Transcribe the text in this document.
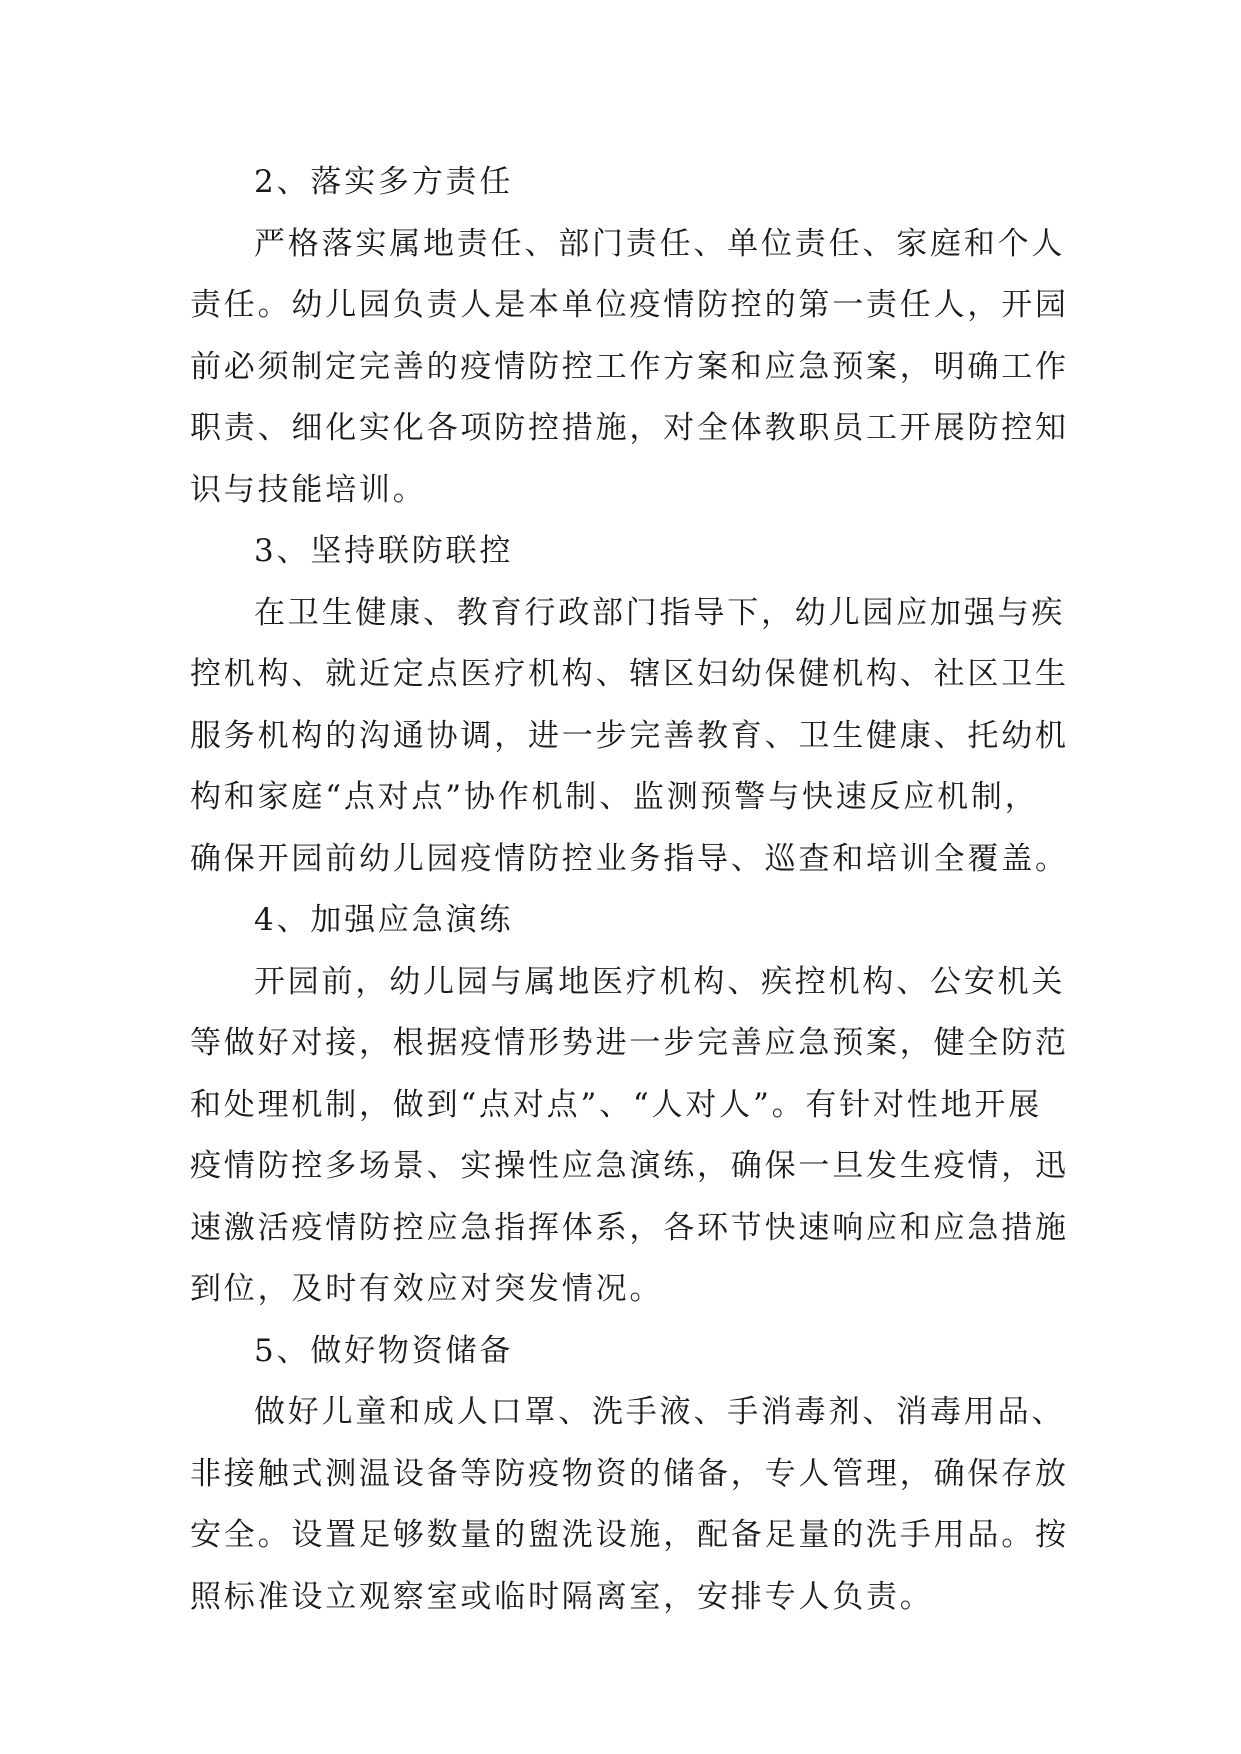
2、落实多方责任
严格落实属地责任、部门责任、单位责任、家庭和个人
责任。幼儿园负责人是本单位疫情防控的第一责任人，开园
前必须制定完善的疫情防控工作方案和应急预案，明确工作
职责、细化实化各项防控措施，对全体教职员工开展防控知
识与技能培训。
3、坚持联防联控
在卫生健康、教育行政部门指导下，幼儿园应加强与疾
控机构、就近定点医疗机构、辖区妇幼保健机构、社区卫生
服务机构的沟通协调，进一步完善教育、卫生健康、托幼机
构和家庭“点对点”协作机制、监测预警与快速反应机制，
确保开园前幼儿园疫情防控业务指导、巡查和培训全覆盖。
4、加强应急演练
开园前，幼儿园与属地医疗机构、疾控机构、公安机关
等做好对接，根据疫情形势进一步完善应急预案，健全防范
和处理机制，做到“点对点”、“人对人”。有针对性地开展
疫情防控多场景、实操性应急演练，确保一旦发生疫情，迅
速激活疫情防控应急指挥体系，各环节快速响应和应急措施
到位，及时有效应对突发情况。
5、做好物资储备
做好儿童和成人口罩、洗手液、手消毒剂、消毒用品、
非接触式测温设备等防疫物资的储备，专人管理，确保存放
安全。设置足够数量的盥洗设施，配备足量的洗手用品。按
照标准设立观察室或临时隔离室，安排专人负责。
